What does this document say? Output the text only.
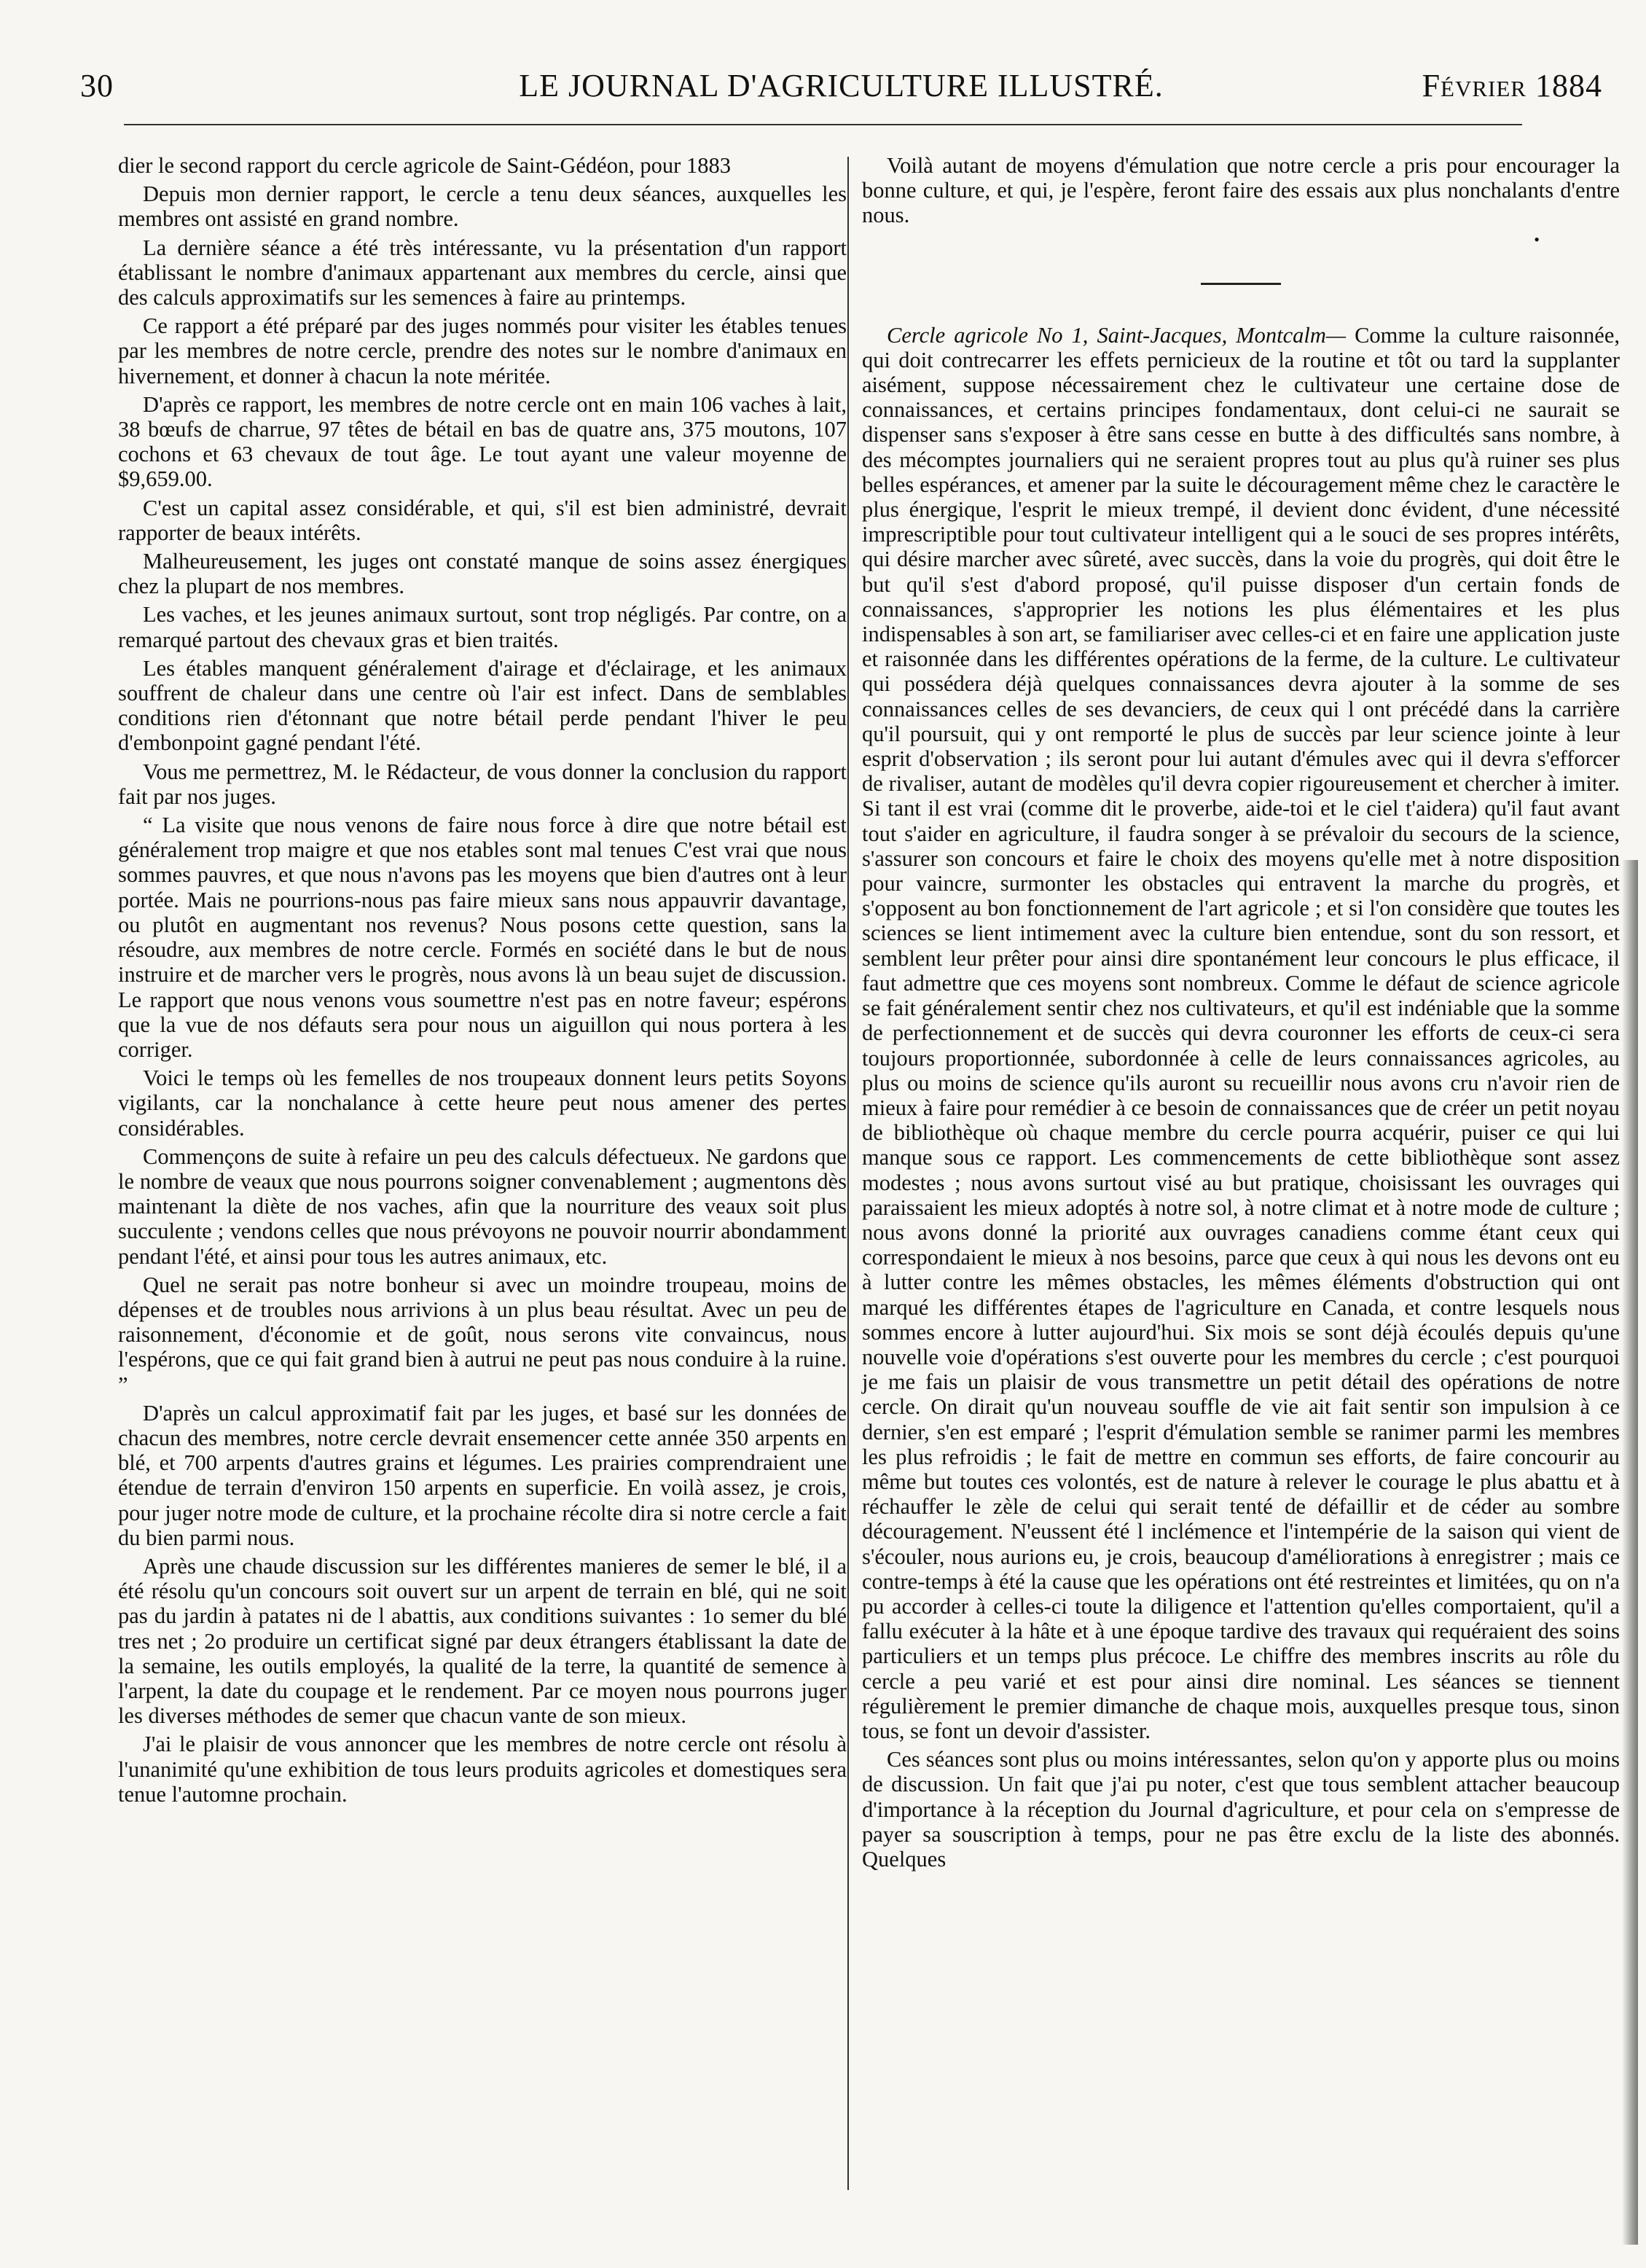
30	LE JOURNAL D'AGRICULTURE ILLUSTRÉ.	Février 1884

dier le second rapport du cercle agricole de Saint-Gédéon, pour 1883

Depuis mon dernier rapport, le cercle a tenu deux séances, auxquelles les membres ont assisté en grand nombre.

La dernière séance a été très intéressante, vu la présentation d'un rapport établissant le nombre d'animaux appartenant aux membres du cercle, ainsi que des calculs approximatifs sur les semences à faire au printemps.

Ce rapport a été préparé par des juges nommés pour visiter les étables tenues par les membres de notre cercle, prendre des notes sur le nombre d'animaux en hivernement, et donner à chacun la note méritée.

D'après ce rapport, les membres de notre cercle ont en main 106 vaches à lait, 38 bœufs de charrue, 97 têtes de bétail en bas de quatre ans, 375 moutons, 107 cochons et 63 chevaux de tout âge. Le tout ayant une valeur moyenne de $9,659.00.

C'est un capital assez considérable, et qui, s'il est bien administré, devrait rapporter de beaux intérêts.

Malheureusement, les juges ont constaté manque de soins assez énergiques chez la plupart de nos membres.

Les vaches, et les jeunes animaux surtout, sont trop négligés. Par contre, on a remarqué partout des chevaux gras et bien traités.

Les étables manquent généralement d'airage et d'éclairage, et les animaux souffrent de chaleur dans une centre où l'air est infect. Dans de semblables conditions rien d'étonnant que notre bétail perde pendant l'hiver le peu d'embonpoint gagné pendant l'été.

Vous me permettrez, M. le Rédacteur, de vous donner la conclusion du rapport fait par nos juges.

“ La visite que nous venons de faire nous force à dire que notre bétail est généralement trop maigre et que nos etables sont mal tenues C'est vrai que nous sommes pauvres, et que nous n'avons pas les moyens que bien d'autres ont à leur portée. Mais ne pourrions-nous pas faire mieux sans nous appauvrir davantage, ou plutôt en augmentant nos revenus? Nous posons cette question, sans la résoudre, aux membres de notre cercle. Formés en société dans le but de nous instruire et de marcher vers le progrès, nous avons là un beau sujet de discussion. Le rapport que nous venons vous soumettre n'est pas en notre faveur; espérons que la vue de nos défauts sera pour nous un aiguillon qui nous portera à les corriger.

Voici le temps où les femelles de nos troupeaux donnent leurs petits Soyons vigilants, car la nonchalance à cette heure peut nous amener des pertes considérables.

Commençons de suite à refaire un peu des calculs défectueux. Ne gardons que le nombre de veaux que nous pourrons soigner convenablement ; augmentons dès maintenant la diète de nos vaches, afin que la nourriture des veaux soit plus succulente ; vendons celles que nous prévoyons ne pouvoir nourrir abondamment pendant l'été, et ainsi pour tous les autres animaux, etc.

Quel ne serait pas notre bonheur si avec un moindre troupeau, moins de dépenses et de troubles nous arrivions à un plus beau résultat. Avec un peu de raisonnement, d'économie et de goût, nous serons vite convaincus, nous l'espérons, que ce qui fait grand bien à autrui ne peut pas nous conduire à la ruine. ”

D'après un calcul approximatif fait par les juges, et basé sur les données de chacun des membres, notre cercle devrait ensemencer cette année 350 arpents en blé, et 700 arpents d'autres grains et légumes. Les prairies comprendraient une étendue de terrain d'environ 150 arpents en superficie. En voilà assez, je crois, pour juger notre mode de culture, et la prochaine récolte dira si notre cercle a fait du bien parmi nous.

Après une chaude discussion sur les différentes manieres de semer le blé, il a été résolu qu'un concours soit ouvert sur un arpent de terrain en blé, qui ne soit pas du jardin à patates ni de l abattis, aux conditions suivantes : 1o semer du blé tres net ; 2o produire un certificat signé par deux étrangers établissant la date de la semaine, les outils employés, la qualité de la terre, la quantité de semence à l'arpent, la date du coupage et le rendement. Par ce moyen nous pourrons juger les diverses méthodes de semer que chacun vante de son mieux.

J'ai le plaisir de vous annoncer que les membres de notre cercle ont résolu à l'unanimité qu'une exhibition de tous leurs produits agricoles et domestiques sera tenue l'automne prochain.

Voilà autant de moyens d'émulation que notre cercle a pris pour encourager la bonne culture, et qui, je l'espère, feront faire des essais aux plus nonchalants d'entre nous.

•

Cercle agricole No 1, Saint-Jacques, Montcalm— Comme la culture raisonnée, qui doit contrecarrer les effets pernicieux de la routine et tôt ou tard la supplanter aisément, suppose nécessairement chez le cultivateur une certaine dose de connaissances, et certains principes fondamentaux, dont celui-ci ne saurait se dispenser sans s'exposer à être sans cesse en butte à des difficultés sans nombre, à des mécomptes journaliers qui ne seraient propres tout au plus qu'à ruiner ses plus belles espérances, et amener par la suite le découragement même chez le caractère le plus énergique, l'esprit le mieux trempé, il devient donc évident, d'une nécessité imprescriptible pour tout cultivateur intelligent qui a le souci de ses propres intérêts, qui désire marcher avec sûreté, avec succès, dans la voie du progrès, qui doit être le but qu'il s'est d'abord proposé, qu'il puisse disposer d'un certain fonds de connaissances, s'approprier les notions les plus élémentaires et les plus indispensables à son art, se familiariser avec celles-ci et en faire une application juste et raisonnée dans les différentes opérations de la ferme, de la culture. Le cultivateur qui possédera déjà quelques connaissances devra ajouter à la somme de ses connaissances celles de ses devanciers, de ceux qui l ont précédé dans la carrière qu'il poursuit, qui y ont remporté le plus de succès par leur science jointe à leur esprit d'observation ; ils seront pour lui autant d'émules avec qui il devra s'efforcer de rivaliser, autant de modèles qu'il devra copier rigoureusement et chercher à imiter. Si tant il est vrai (comme dit le proverbe, aide-toi et le ciel t'aidera) qu'il faut avant tout s'aider en agriculture, il faudra songer à se prévaloir du secours de la science, s'assurer son concours et faire le choix des moyens qu'elle met à notre disposition pour vaincre, surmonter les obstacles qui entravent la marche du progrès, et s'opposent au bon fonctionnement de l'art agricole ; et si l'on considère que toutes les sciences se lient intimement avec la culture bien entendue, sont du son ressort, et semblent leur prêter pour ainsi dire spontanément leur concours le plus efficace, il faut admettre que ces moyens sont nombreux. Comme le défaut de science agricole se fait généralement sentir chez nos cultivateurs, et qu'il est indéniable que la somme de perfectionnement et de succès qui devra couronner les efforts de ceux-ci sera toujours proportionnée, subordonnée à celle de leurs connaissances agricoles, au plus ou moins de science qu'ils auront su recueillir nous avons cru n'avoir rien de mieux à faire pour remédier à ce besoin de connaissances que de créer un petit noyau de bibliothèque où chaque membre du cercle pourra acquérir, puiser ce qui lui manque sous ce rapport. Les commencements de cette bibliothèque sont assez modestes ; nous avons surtout visé au but pratique, choisissant les ouvrages qui paraissaient les mieux adoptés à notre sol, à notre climat et à notre mode de culture ; nous avons donné la priorité aux ouvrages canadiens comme étant ceux qui correspondaient le mieux à nos besoins, parce que ceux à qui nous les devons ont eu à lutter contre les mêmes obstacles, les mêmes éléments d'obstruction qui ont marqué les différentes étapes de l'agriculture en Canada, et contre lesquels nous sommes encore à lutter aujourd'hui. Six mois se sont déjà écoulés depuis qu'une nouvelle voie d'opérations s'est ouverte pour les membres du cercle ; c'est pourquoi je me fais un plaisir de vous transmettre un petit détail des opérations de notre cercle. On dirait qu'un nouveau souffle de vie ait fait sentir son impulsion à ce dernier, s'en est emparé ; l'esprit d'émulation semble se ranimer parmi les membres les plus refroidis ; le fait de mettre en commun ses efforts, de faire concourir au même but toutes ces volontés, est de nature à relever le courage le plus abattu et à réchauffer le zèle de celui qui serait tenté de défaillir et de céder au sombre découragement. N'eussent été l inclémence et l'intempérie de la saison qui vient de s'écouler, nous aurions eu, je crois, beaucoup d'améliorations à enregistrer ; mais ce contre-temps à été la cause que les opérations ont été restreintes et limitées, qu on n'a pu accorder à celles-ci toute la diligence et l'attention qu'elles comportaient, qu'il a fallu exécuter à la hâte et à une époque tardive des travaux qui requéraient des soins particuliers et un temps plus précoce. Le chiffre des membres inscrits au rôle du cercle a peu varié et est pour ainsi dire nominal. Les séances se tiennent régulièrement le premier dimanche de chaque mois, auxquelles presque tous, sinon tous, se font un devoir d'assister.

Ces séances sont plus ou moins intéressantes, selon qu'on y apporte plus ou moins de discussion. Un fait que j'ai pu noter, c'est que tous semblent attacher beaucoup d'importance à la réception du Journal d'agriculture, et pour cela on s'empresse de payer sa souscription à temps, pour ne pas être exclu de la liste des abonnés. Quelques
